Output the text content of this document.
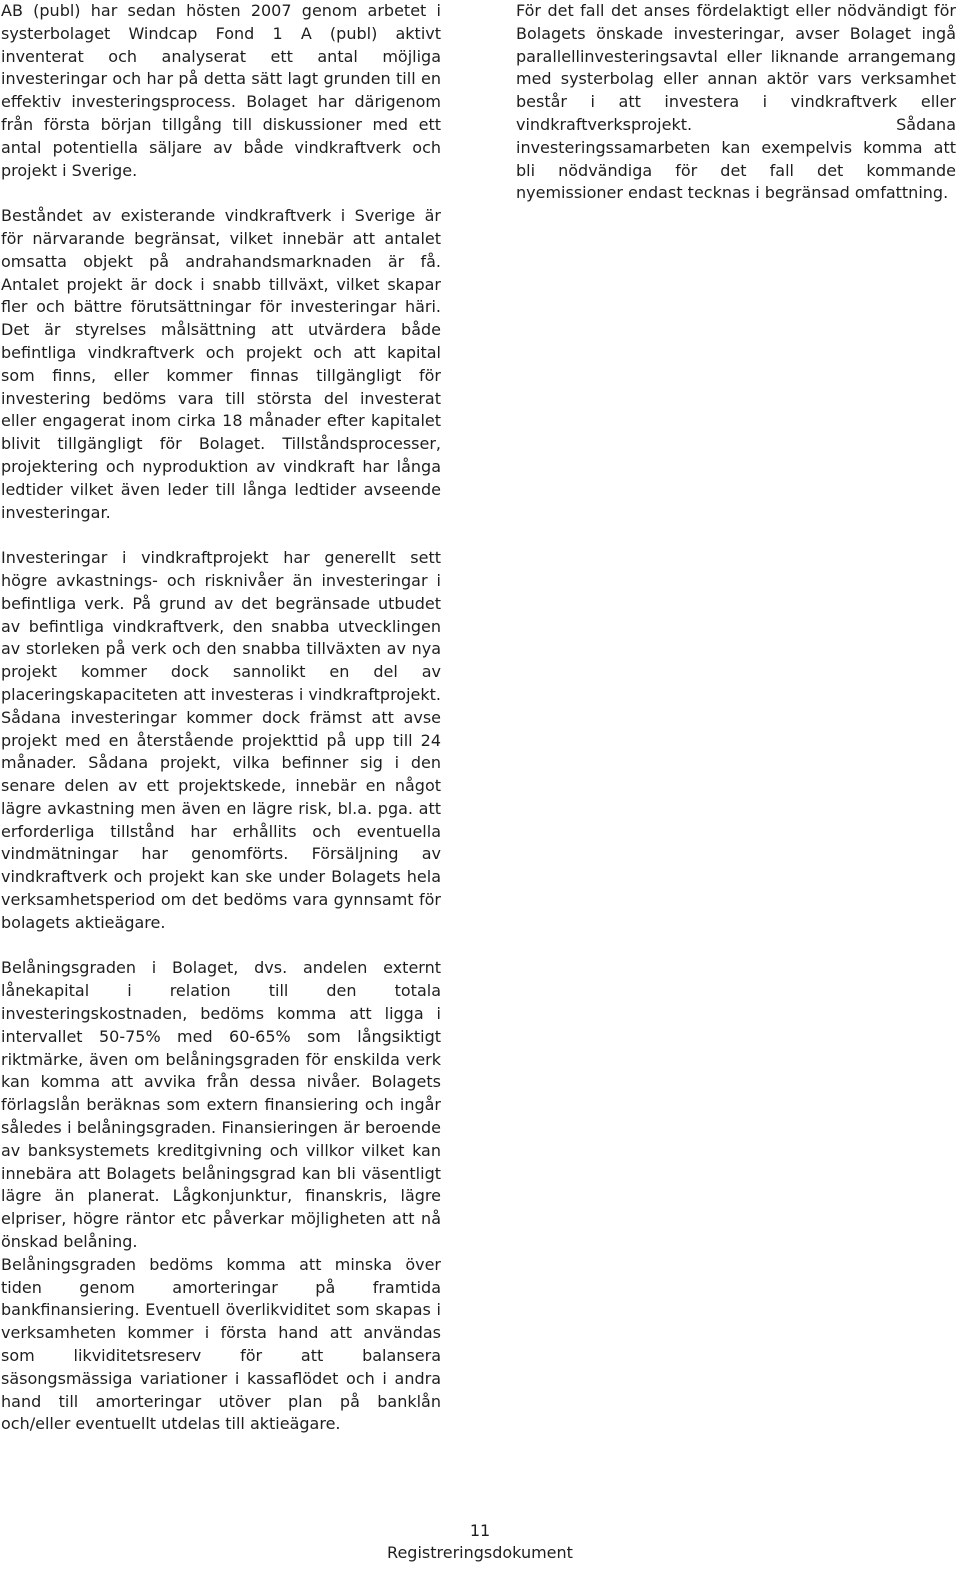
AB (publ) har sedan hösten 2007 genom arbetet i systerbolaget Windcap Fond 1 A (publ) aktivt inventerat och analyserat ett antal möjliga investeringar och har på detta sätt lagt grunden till en effektiv investeringsprocess. Bolaget har därigenom från första början tillgång till diskussioner med ett antal potentiella säljare av både vindkraftverk och projekt i Sverige.

Beståndet av existerande vindkraftverk i Sverige är för närvarande begränsat, vilket innebär att antalet omsatta objekt på andrahandsmarknaden är få. Antalet projekt är dock i snabb tillväxt, vilket skapar fler och bättre förutsättningar för investeringar häri. Det är styrelses målsättning att utvärdera både befintliga vindkraftverk och projekt och att kapital som finns, eller kommer finnas tillgängligt för investering bedöms vara till största del investerat eller engagerat inom cirka 18 månader efter kapitalet blivit tillgängligt för Bolaget. Tillståndsprocesser, projektering och nyproduktion av vindkraft har långa ledtider vilket även leder till långa ledtider avseende investeringar.

Investeringar i vindkraftprojekt har generellt sett högre avkastnings- och risknivåer än investeringar i befintliga verk. På grund av det begränsade utbudet av befintliga vindkraftverk, den snabba utvecklingen av storleken på verk och den snabba tillväxten av nya projekt kommer dock sannolikt en del av placeringskapaciteten att investeras i vindkraftprojekt. Sådana investeringar kommer dock främst att avse projekt med en återstående projekttid på upp till 24 månader. Sådana projekt, vilka befinner sig i den senare delen av ett projektskede, innebär en något lägre avkastning men även en lägre risk, bl.a. pga. att erforderliga tillstånd har erhållits och eventuella vindmätningar har genomförts. Försäljning av vindkraftverk och projekt kan ske under Bolagets hela verksamhetsperiod om det bedöms vara gynnsamt för bolagets aktieägare.

Belåningsgraden i Bolaget, dvs. andelen externt lånekapital i relation till den totala investeringskostnaden, bedöms komma att ligga i intervallet 50-75% med 60-65% som långsiktigt riktmärke, även om belåningsgraden för enskilda verk kan komma att avvika från dessa nivåer. Bolagets förlagslån beräknas som extern finansiering och ingår således i belåningsgraden. Finansieringen är beroende av banksystemets kreditgivning och villkor vilket kan innebära att Bolagets belåningsgrad kan bli väsentligt lägre än planerat. Lågkonjunktur, finanskris, lägre elpriser, högre räntor etc påverkar möjligheten att nå önskad belåning.

Belåningsgraden bedöms komma att minska över tiden genom amorteringar på framtida bankfinansiering. Eventuell överlikviditet som skapas i verksamheten kommer i första hand att användas som likviditetsreserv för att balansera säsongsmässiga variationer i kassaflödet och i andra hand till amorteringar utöver plan på banklån och/eller eventuellt utdelas till aktieägare.

För det fall det anses fördelaktigt eller nödvändigt för Bolagets önskade investeringar, avser Bolaget ingå parallellinvesteringsavtal eller liknande arrangemang med systerbolag eller annan aktör vars verksamhet består i att investera i vindkraftverk eller vindkraftverksprojekt. Sådana investeringssamarbeten kan exempelvis komma att bli nödvändiga för det fall det kommande nyemissioner endast tecknas i begränsad omfattning.

11
Registreringsdokument
